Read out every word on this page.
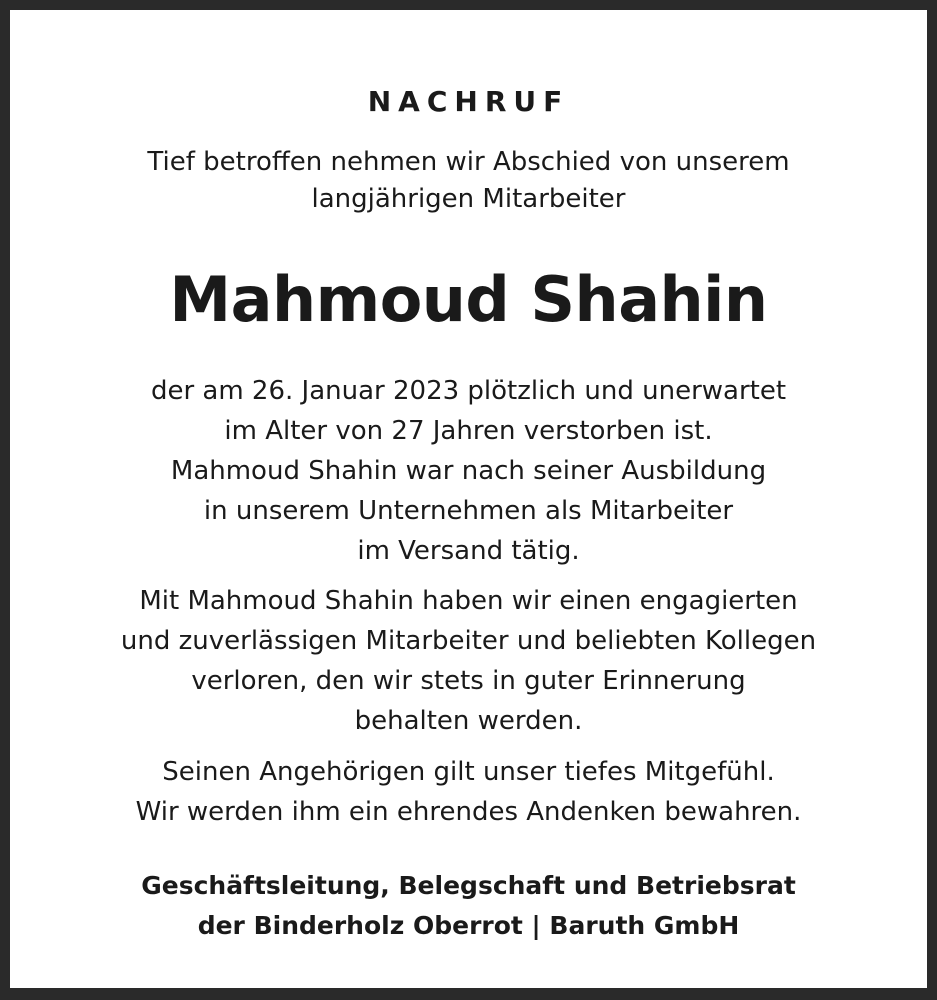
NACHRUF
Tief betroffen nehmen wir Abschied von unserem
langjährigen Mitarbeiter
Mahmoud Shahin
der am 26. Januar 2023 plötzlich und unerwartet
im Alter von 27 Jahren verstorben ist.
Mahmoud Shahin war nach seiner Ausbildung
in unserem Unternehmen als Mitarbeiter
im Versand tätig.
Mit Mahmoud Shahin haben wir einen engagierten
und zuverlässigen Mitarbeiter und beliebten Kollegen
verloren, den wir stets in guter Erinnerung
behalten werden.
Seinen Angehörigen gilt unser tiefes Mitgefühl.
Wir werden ihm ein ehrendes Andenken bewahren.
Geschäftsleitung, Belegschaft und Betriebsrat
der Binderholz Oberrot | Baruth GmbH
